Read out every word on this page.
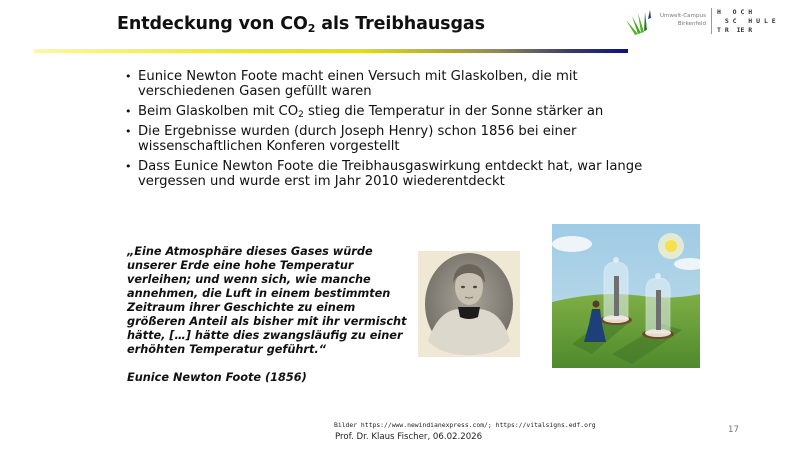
Entdeckung von $CO_2$ als Treibhausgas	Umwelt-Campus
Birkenfeld
H   O C H
S C   H U L E
T R  IE R
• Eunice Newton Foote macht einen Versuch mit Glaskolben, die mit verschiedenen Gasen gefüllt waren
• Beim Glaskolben mit $CO_2$ stieg die Temperatur in der Sonne stärker an
• Die Ergebnisse wurden (durch Joseph Henry) schon 1856 bei einer wissenschaftlichen Konferen vorgestellt
• Dass Eunice Newton Foote die Treibhausgaswirkung entdeckt hat, war lange vergessen und wurde erst im Jahr 2010 wiederentdeckt

„Eine Atmosphäre dieses Gases würde unserer Erde eine hohe Temperatur verleihen; und wenn sich, wie manche annehmen, die Luft in einem bestimmten Zeitraum ihrer Geschichte zu einem größeren Anteil als bisher mit ihr vermischt hätte, […] hätte dies zwangsläufig zu einer erhöhten Temperatur geführt.“

Eunice Newton Foote (1856)

Bilder https://www.newindianexpress.com/; https://vitalsigns.edf.org
Prof. Dr. Klaus Fischer, 06.02.2026
17
